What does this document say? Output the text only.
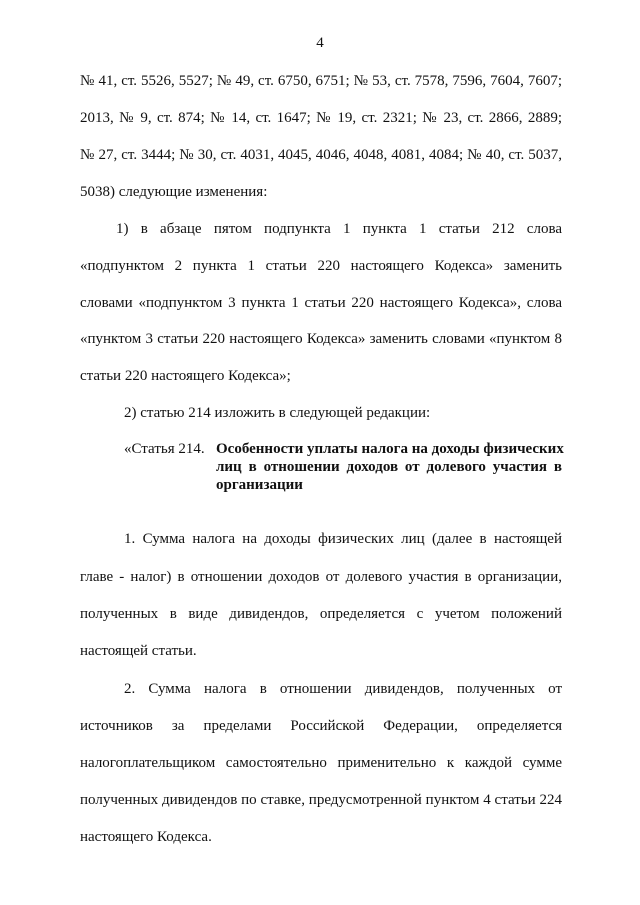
4
№ 41, ст. 5526, 5527; № 49, ст. 6750, 6751; № 53, ст. 7578, 7596, 7604, 7607;
2013, № 9, ст. 874; № 14, ст. 1647; № 19, ст. 2321; № 23, ст. 2866, 2889;
№ 27, ст. 3444; № 30, ст. 4031, 4045, 4046, 4048, 4081, 4084; № 40, ст. 5037,
5038) следующие изменения:
1) в абзаце пятом подпункта 1 пункта 1 статьи 212 слова
«подпунктом 2 пункта 1 статьи 220 настоящего Кодекса» заменить
словами «подпунктом 3 пункта 1 статьи 220 настоящего Кодекса», слова
«пунктом 3 статьи 220 настоящего Кодекса» заменить словами «пунктом 8
статьи 220 настоящего Кодекса»;
2) статью 214 изложить в следующей редакции:
«Статья 214. Особенности уплаты налога на доходы физических
лиц в отношении доходов от долевого участия в
организации
1. Сумма налога на доходы физических лиц (далее в настоящей
главе - налог) в отношении доходов от долевого участия в организации,
полученных в виде дивидендов, определяется с учетом положений
настоящей статьи.
2. Сумма налога в отношении дивидендов, полученных от
источников за пределами Российской Федерации, определяется
налогоплательщиком самостоятельно применительно к каждой сумме
полученных дивидендов по ставке, предусмотренной пунктом 4 статьи 224
настоящего Кодекса.
